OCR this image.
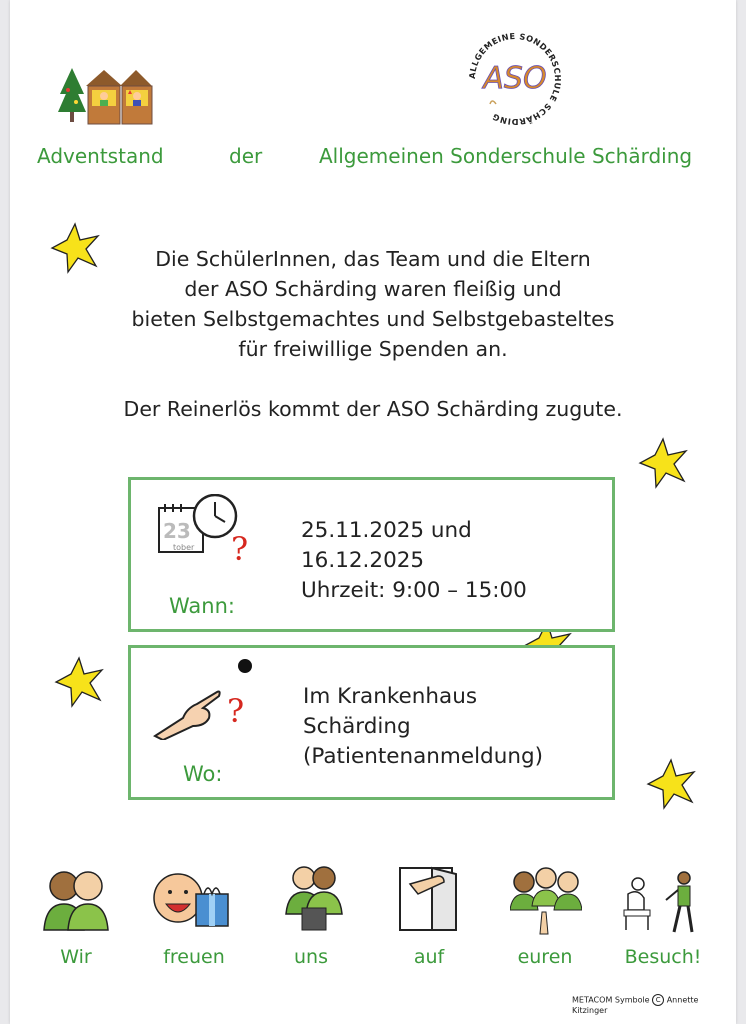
ALLGEMEINE SONDERSCHULE SCHÄRDING
ASO
Adventstand	der	Allgemeinen Sonderschule Schärding
Die SchülerInnen, das Team und die Eltern
der ASO Schärding waren fleißig und
bieten Selbstgemachtes und Selbstgebasteltes
für freiwillige Spenden an.
Der Reinerlös kommt der ASO Schärding zugute.
23
tober ?
Wann:
25.11.2025 und
16.12.2025
Uhrzeit: 9:00 – 15:00
?
Wo:
Im Krankenhaus
Schärding
(Patientenanmeldung)
Wir	freuen	uns	auf	euren	Besuch!
METACOM Symbole C Annette Kitzinger
